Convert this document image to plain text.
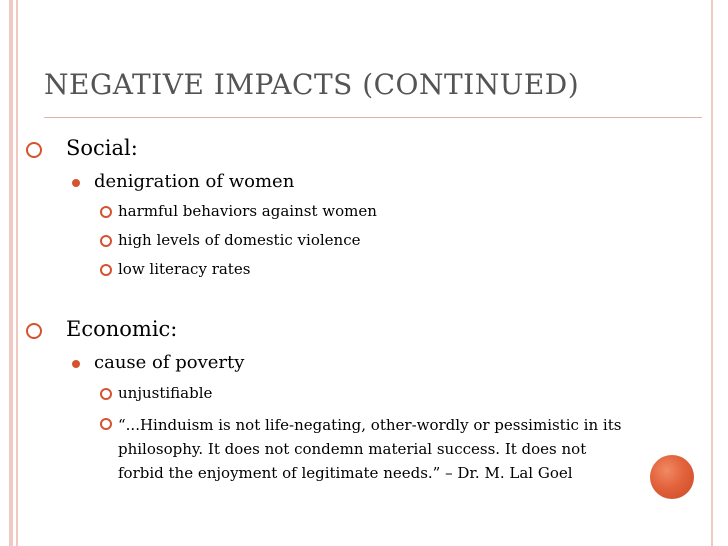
NEGATIVE IMPACTS (CONTINUED)
Social:
denigration of women
harmful behaviors against women
high levels of domestic violence
low literacy rates
Economic:
cause of poverty
unjustifiable
“...Hinduism is not life-negating, other-wordly or pessimistic in its philosophy. It does not condemn material success. It does not forbid the enjoyment of legitimate needs.” – Dr. M. Lal Goel
